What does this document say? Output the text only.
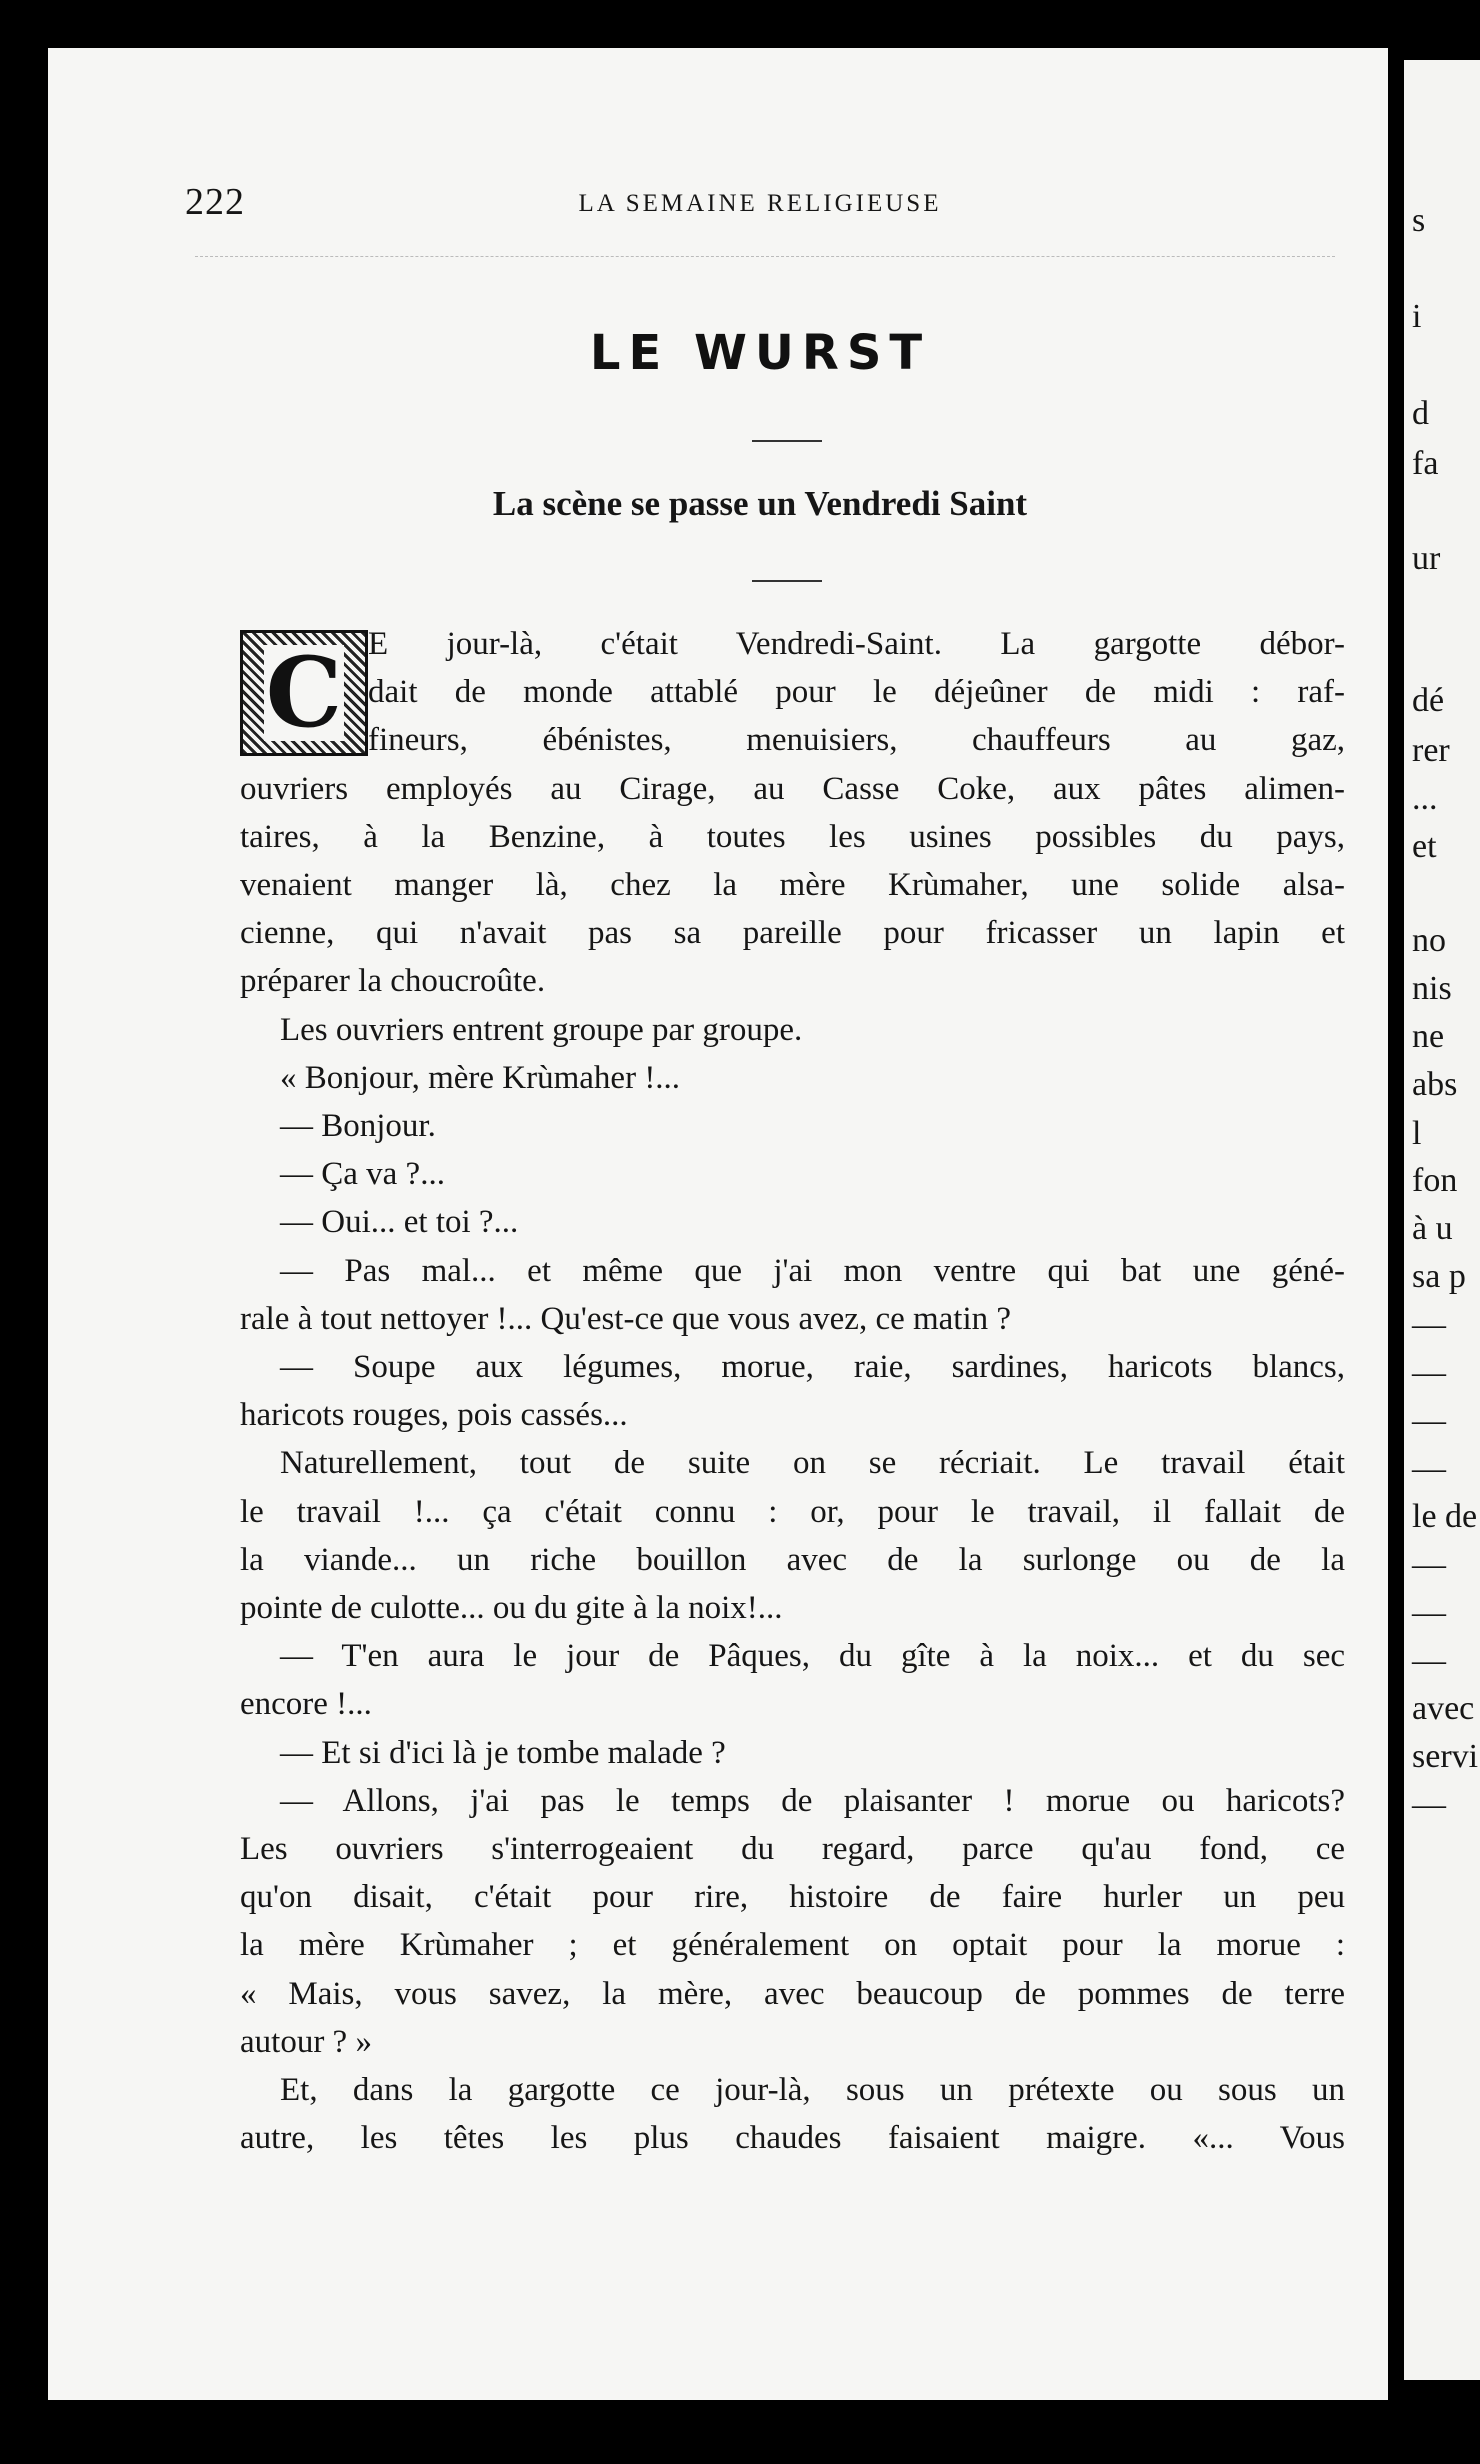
s
i
d
fa
ur
dé
rer
...
et
no
nis
ne
abs
l
fon
à u
sa p
—
—
—
—
le de
—
—
—
avec
servi
—
222	LA SEMAINE RELIGIEUSE
LE WURST
La scène se passe un Vendredi Saint
C E jour-là, c'était Vendredi-Saint. La gargotte débor-
dait de monde attablé pour le déjeûner de midi : raf-
fineurs, ébénistes, menuisiers, chauffeurs au gaz,
ouvriers employés au Cirage, au Casse Coke, aux pâtes alimen-
taires, à la Benzine, à toutes les usines possibles du pays,
venaient manger là, chez la mère Krùmaher, une solide alsa-
cienne, qui n'avait pas sa pareille pour fricasser un lapin et
préparer la choucroûte.
Les ouvriers entrent groupe par groupe.
« Bonjour, mère Krùmaher !...
— Bonjour.
— Ça va ?...
— Oui... et toi ?...
— Pas mal... et même que j'ai mon ventre qui bat une géné-
rale à tout nettoyer !... Qu'est-ce que vous avez, ce matin ?
— Soupe aux légumes, morue, raie, sardines, haricots blancs,
haricots rouges, pois cassés...
Naturellement, tout de suite on se récriait. Le travail était
le travail !... ça c'était connu : or, pour le travail, il fallait de
la viande... un riche bouillon avec de la surlonge ou de la
pointe de culotte... ou du gite à la noix!...
— T'en aura le jour de Pâques, du gîte à la noix... et du sec
encore !...
— Et si d'ici là je tombe malade ?
— Allons, j'ai pas le temps de plaisanter ! morue ou haricots?
Les ouvriers s'interrogeaient du regard, parce qu'au fond, ce
qu'on disait, c'était pour rire, histoire de faire hurler un peu
la mère Krùmaher ; et généralement on optait pour la morue :
« Mais, vous savez, la mère, avec beaucoup de pommes de terre
autour ? »
Et, dans la gargotte ce jour-là, sous un prétexte ou sous un
autre, les têtes les plus chaudes faisaient maigre. «... Vous
